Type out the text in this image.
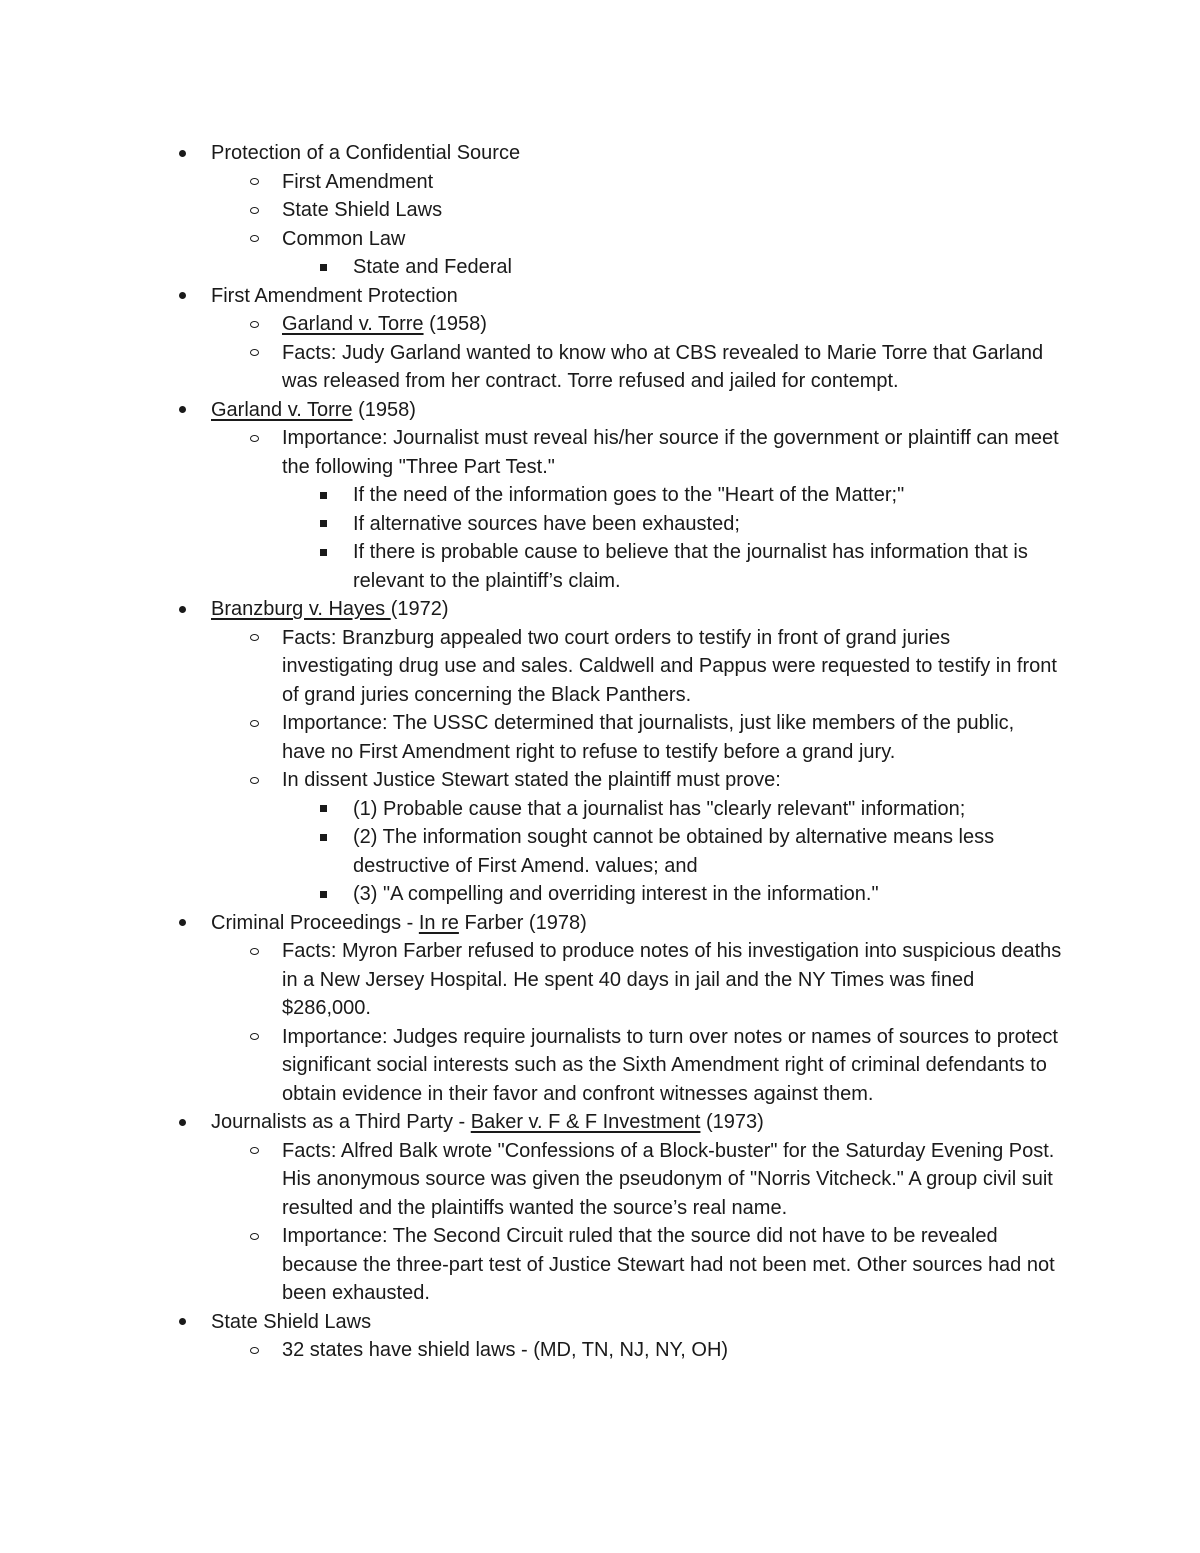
Protection of a Confidential Source
First Amendment
State Shield Laws
Common Law
State and Federal
First Amendment Protection
Garland v. Torre (1958)
Facts: Judy Garland wanted to know who at CBS revealed to Marie Torre that Garland was released from her contract. Torre refused and jailed for contempt.
Garland v. Torre (1958)
Importance: Journalist must reveal his/her source if the government or plaintiff can meet the following "Three Part Test."
If the need of the information goes to the "Heart of the Matter;"
If alternative sources have been exhausted;
If there is probable cause to believe that the journalist has information that is relevant to the plaintiff’s claim.
Branzburg v. Hayes (1972)
Facts: Branzburg appealed two court orders to testify in front of grand juries investigating drug use and sales. Caldwell and Pappus were requested to testify in front of grand juries concerning the Black Panthers.
Importance: The USSC determined that journalists, just like members of the public, have no First Amendment right to refuse to testify before a grand jury.
In dissent Justice Stewart stated the plaintiff must prove:
(1) Probable cause that a journalist has "clearly relevant" information;
(2) The information sought cannot be obtained by alternative means less destructive of First Amend. values; and
(3) "A compelling and overriding interest in the information."
Criminal Proceedings - In re Farber (1978)
Facts: Myron Farber refused to produce notes of his investigation into suspicious deaths in a New Jersey Hospital. He spent 40 days in jail and the NY Times was fined $286,000.
Importance: Judges require journalists to turn over notes or names of sources to protect significant social interests such as the Sixth Amendment right of criminal defendants to obtain evidence in their favor and confront witnesses against them.
Journalists as a Third Party - Baker v. F & F Investment (1973)
Facts: Alfred Balk wrote "Confessions of a Block-buster" for the Saturday Evening Post. His anonymous source was given the pseudonym of "Norris Vitcheck." A group civil suit resulted and the plaintiffs wanted the source’s real name.
Importance: The Second Circuit ruled that the source did not have to be revealed because the three-part test of Justice Stewart had not been met. Other sources had not been exhausted.
State Shield Laws
32 states have shield laws - (MD, TN, NJ, NY, OH)
